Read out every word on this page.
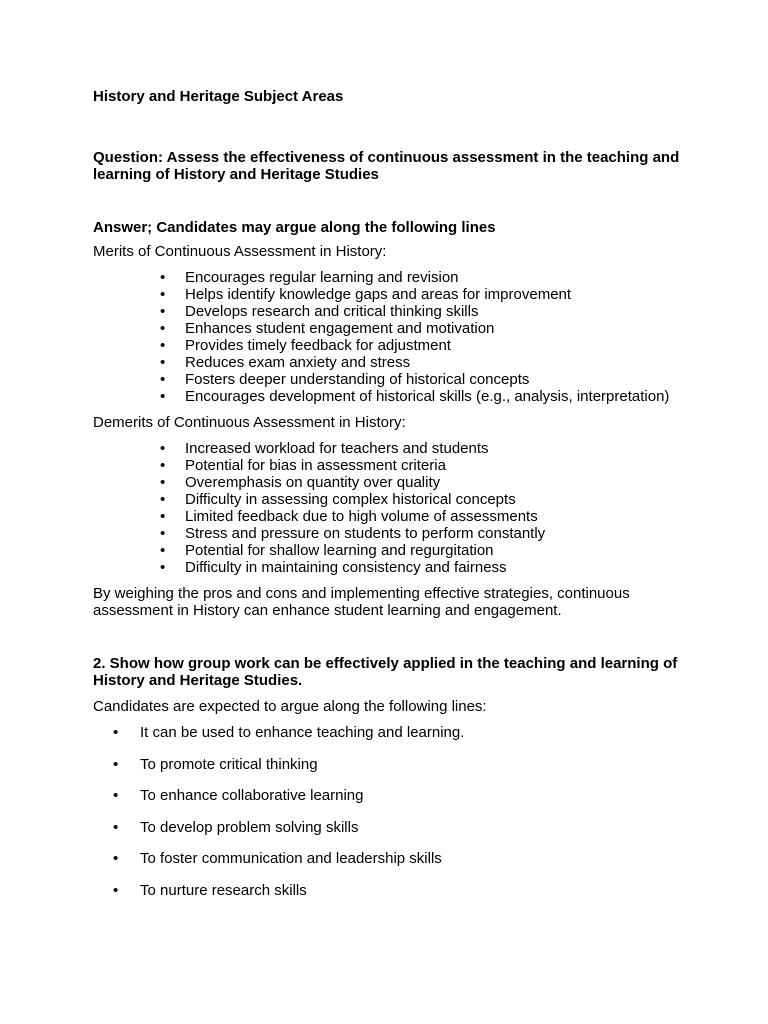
History and Heritage Subject Areas

Question: Assess the effectiveness of continuous assessment in the teaching and learning of History and Heritage Studies

Answer; Candidates may argue along the following lines

Merits of Continuous Assessment in History:

• Encourages regular learning and revision
• Helps identify knowledge gaps and areas for improvement
• Develops research and critical thinking skills
• Enhances student engagement and motivation
• Provides timely feedback for adjustment
• Reduces exam anxiety and stress
• Fosters deeper understanding of historical concepts
• Encourages development of historical skills (e.g., analysis, interpretation)

Demerits of Continuous Assessment in History:

• Increased workload for teachers and students
• Potential for bias in assessment criteria
• Overemphasis on quantity over quality
• Difficulty in assessing complex historical concepts
• Limited feedback due to high volume of assessments
• Stress and pressure on students to perform constantly
• Potential for shallow learning and regurgitation
• Difficulty in maintaining consistency and fairness

By weighing the pros and cons and implementing effective strategies, continuous assessment in History can enhance student learning and engagement.

2. Show how group work can be effectively applied in the teaching and learning of History and Heritage Studies.

Candidates are expected to argue along the following lines:

• It can be used to enhance teaching and learning.
• To promote critical thinking
• To enhance collaborative learning
• To develop problem solving skills
• To foster communication and leadership skills
• To nurture research skills
